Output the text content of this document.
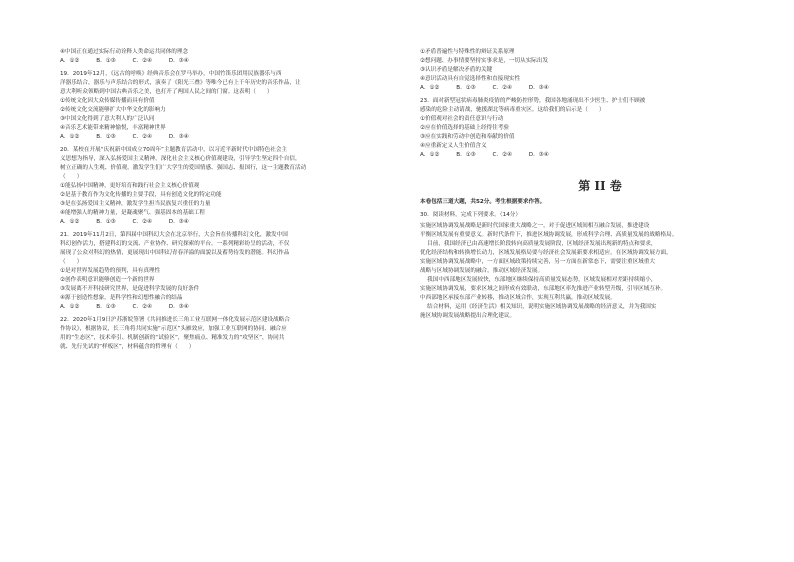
④中国正在通过实际行动诠释人类命运共同体的理念

A．①②　　　B．①③　　　C．②④　　　D．③④

19．2019年12月，《远古的呼唤》经典音乐会在罗马举办，中国竹笛乐团用民族器乐与西

洋器乐结合，器乐与声乐结合的形式，演奏了《阳光三叠》等唯今已有上千年历史的音乐作品，让

意大利听众领略到中国古典音乐之美，也打开了两国人民之间的门窗。这表明（　　）

①传统文化因大众传媒传播而具有价值

②传统文化交流能够扩大中华文化的影响力

③中国文化得到了意大利人的广泛认同

④音乐艺术能带来精神愉悦，丰富精神世界

A．①②　　　B．①③　　　C．②④　　　D．③④

20．某校在开展“庆祝新中国成立70周年”主题教育活动中，以习近平新时代中国特色社会主

义思想为指导，深入弘扬爱国主义精神，深化社会主义核心价值观建设，引导学生坚定四个自信，

树立正确的人生观、价值观，激发学生们广大学生的爱国情感、强国志、报国行，这一主题教育活动

（　　）

①能弘扬中国精神，更好培育和践行社会主义核心价值观

②是基于教育作为文化传播的主要手段，具有创造文化的特定功能

③是在弘扬爱国主义精神，激发学生担当民族复兴重任的力量

④能增强人的精神力量，是凝魂聚气、强基固本的基础工程

A．①②　　　B．①③　　　C．②④　　　D．③④

21．2019年11月2日，第四届中国科幻大会在北京举行，大会旨在传播科幻文化，激发中国

科幻创作活力，搭建科幻的交流、产业协作、研究探索的平台。一系列精彩纷呈的活动，不仅

展现了公众对科幻的热情，更展现出中国科幻青春洋溢的面貌以及蓄势待发的潜能。科幻作品

（　　）

①是对世界发展趋势的预判，具有真理性

②创作表明意识能够创造一个新的世界

③发展离不开科技研究世界，是促进科学发展的良好条件

④源于创造性想象，是科学性和幻想性融合的结晶

A．①②　　　B．①③　　　C．②④　　　D．③④

22．2020年1月9日沪苏浙皖签署《共同推进长三角工业互联网一体化发展示范区建设战略合

作协议》，根据协议，长三角将共同实施“示范区”头雁效应，加强工业互联网的协同、融合应

用的“生态区”，技术牵引、机制创新的“试验区”，聚焦痛点、精准发力的“攻坚区”，协同共

就、先行先试的“样板区”，材料蕴含的哲理有（　　）

①矛盾普遍性与特殊性的辩证关系原理

②想问题、办事情要坚持实事求是，一切从实际出发

③认识矛盾是解决矛盾的关键

④意识活动具有自觉选择性和直接现实性

A．①②　　　B．①③　　　C．②④　　　D．③④

23．面对新型冠状病毒肺炎疫情的严峻防控形势，我国各地涌现出不少医生、护士们不顾被

感染的危险主动请战，驰援湖北等病毒重灾区。这给我们的启示是（　　）

①价值观对社会的责任意识与行动

②应在价值选择的基础上经得住考验

③应在实践和劳动中创造和奉献的价值

④应重新定义人生价值含义

A．①②　　　B．①③　　　C．②④　　　D．③④

第 II 卷

本卷包括三道大题，共52分。考生根据要求作答。

30．阅读材料，完成下列要求。（14分）

实施区域协调发展战略是新时代国家重大战略之一，对于促进区域间相互融合发展，推进建设

平衡区域发展有重要意义。新时代条件下，推进区域协调发展，形成科学合理、高质量发展的战略格局。

目前，我国经济已由高速增长阶段转向高质量发展阶段，区域经济发展出现新的特点和要求，

优化经济结构和转换增长动力，区域发展格局要与经济社会发展新要求相适应。在区域协调发展方面，

实施区域协调发展战略中，一方面区域政策持续完善，另一方面在新常态下，需要注重区域重大

战略与区域协调发展的融合，推动区域经济发展。

我国中西部地区发展较快，东部地区继续保持高质量发展态势，区域发展相对差距持续缩小，

实施区域协调发展，要求区域之间形成有效联动，东部地区率先推进产业转型升级，引导区域互补。

中西部地区承接东部产业转移，推动区域合作，实现互利共赢，推动区域发展。

结合材料，运用《经济生活》相关知识，说明实施区域协调发展战略的经济意义，并为我国实

施区域协调发展战略提出合理化建议。
